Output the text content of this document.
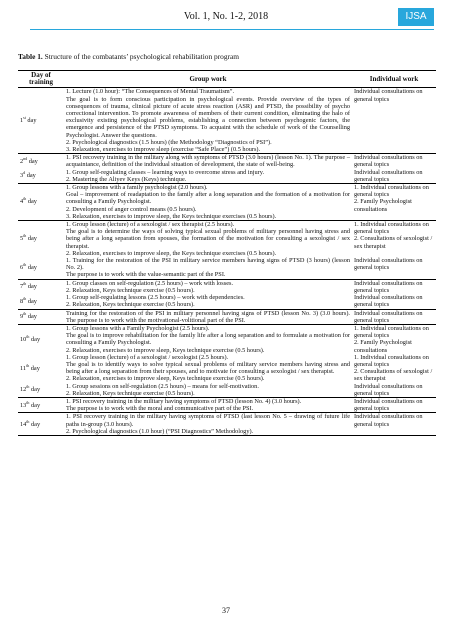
Vol. 1, No. 1-2, 2018	IJSA
Table 1. Structure of the combatants’ psychological rehabilitation program
Day of training	Group work	Individual work
1st day	1. Lecture (1.0 hour): “The Consequences of Mental Traumatism”.
The goal is to form conscious participation in psychological events. Provide overview of the types of consequences of trauma, clinical picture of acute stress reaction (ASR) and PTSD, the possibility of psycho correctional intervention. To promote awareness of members of their current condition, eliminating the halo of exclusivity existing psychological problems, establishing a connection between psychogenic factors, the emergence and persistence of the PTSD symptoms. To acquaint with the schedule of work of the Counselling Psychologist. Answer the questions.
2. Psychological diagnostics (1.5 hours) (the Methodology “Diagnostics of PSI”).
3. Relaxation, exercises to improve sleep (exercise “Safe Place”) (0.5 hours).	Individual consultations on general topics

2nd day	1. PSI recovery training in the military along with symptoms of PTSD (3.0 hours) (lesson No. 1). The purpose – acquaintance, definition of the individual situation of development, the state of well-being.	Individual consultations on general topics

3$^d$ day	1. Group self-regulating classes – learning ways to overcome stress and injury.
2. Mastering the Aliyev Keys (Keys) technique.	Individual consultations on general topics

4th day	1. Group lessons with a family psychologist (2.0 hours).
Goal – improvement of readaptation to the family after a long separation and the formation of a motivation for consulting a Family Psychologist.
2. Development of anger control means (0.5 hours).
3. Relaxation, exercises to improve sleep, the Keys technique exercises (0.5 hours).	1. Individual consultations on general topics
2. Family Psychologist consultations

5th day	1. Group lesson (lecture) of a sexologist / sex therapist (2.5 hours).
The goal is to determine the ways of solving typical sexual problems of military personnel having stress and being after a long separation from spouses, the formation of the motivation for consulting a sexologist / sex therapist.
2. Relaxation, exercises to improve sleep, the Keys technique exercises (0.5 hours).	1. Individual consultations on general topics
2. Consultations of sexologist / sex therapist

6th day	1. Training for the restoration of the PSI in military service members having signs of PTSD (3 hours) (lesson No. 2).
The purpose is to work with the value-semantic part of the PSI.	Individual consultations on general topics

7th day	1. Group classes on self-regulation (2.5 hours) – work with losses.
2. Relaxation, Keys technique exercise (0.5 hours).	Individual consultations on general topics

8th day	1. Group self-regulating lessons (2.5 hours) – work with dependencies.
2. Relaxation, Keys technique exercise (0.5 hours).	Individual consultations on general topics

9th day	Training for the restoration of the PSI in military personnel having signs of PTSD (lesson No. 3) (3.0 hours). The purpose is to work with the motivational-volitional part of the PSI.	Individual consultations on general topics

10th day	1. Group lessons with a Family Psychologist (2.5 hours).
The goal is to improve rehabilitation for the family life after a long separation and to formulate a motivation for consulting a Family Psychologist.
2. Relaxation, exercises to improve sleep, Keys technique exercise (0.5 hours).	1. Individual consultations on general topics
2. Family Psychologist consultations

11th day	1. Group lesson (lecture) of a sexologist / sexologist (2.5 hours).
The goal is to identify ways to solve typical sexual problems of military service members having stress and being after a long separation from their spouses, and to motivate for consulting a sexologist / sex therapist.
2. Relaxation, exercises to improve sleep, Keys technique exercise (0.5 hours).	1. Individual consultations on general topics
2. Consultations of sexologist / sex therapist

12th day	1. Group sessions on self-regulation (2.5 hours) – means for self-motivation.
2. Relaxation, Keys technique exercise (0.5 hours).	Individual consultations on general topics

13th day	1. PSI recovery training in the military having symptoms of PTSD (lesson No. 4) (3.0 hours).
The purpose is to work with the moral and communicative part of the PSI.	Individual consultations on general topics

14th day	1. PSI recovery training in the military having symptoms of PTSD (last lesson No. 5 – drawing of future life paths in-group (3.0 hours).
2. Psychological diagnostics (1.0 hour) (“PSI Diagnostics” Methodology).	Individual consultations on general topics
37
